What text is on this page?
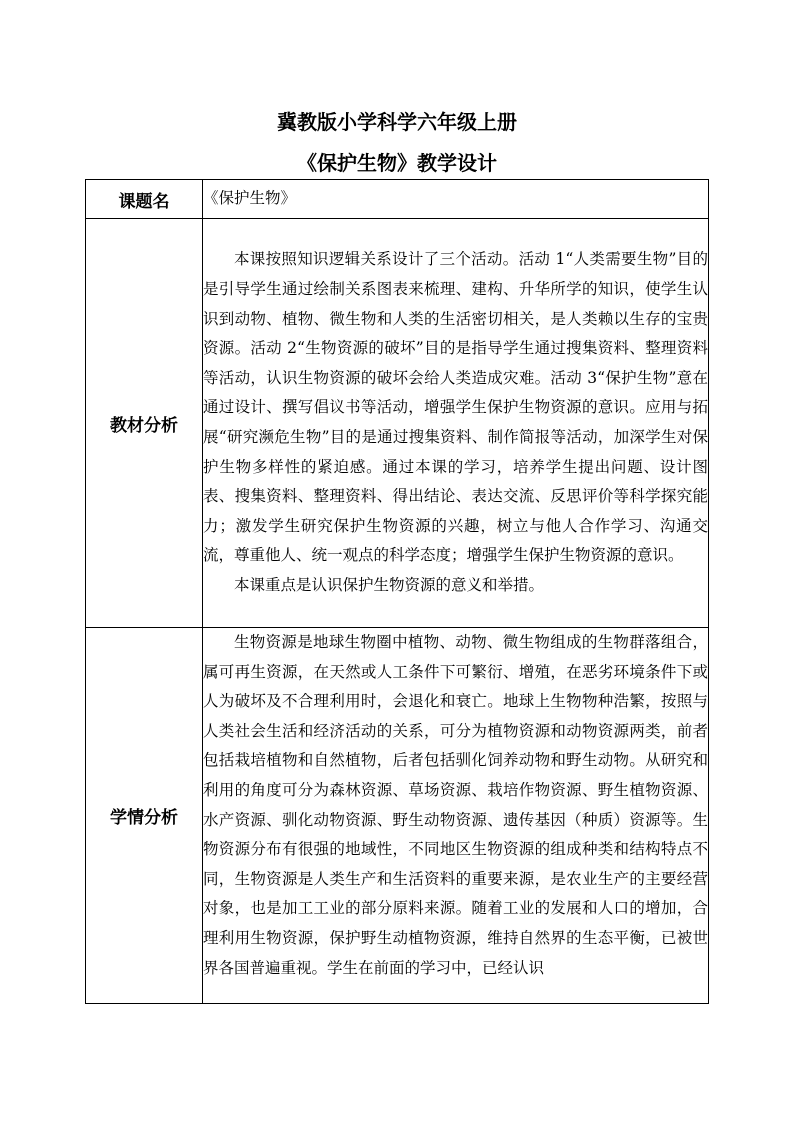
冀教版小学科学六年级上册
《保护生物》教学设计
课题名	《保护生物》

教材分析	本课按照知识逻辑关系设计了三个活动。活动 1“人类需要生物”目的是引导学生通过绘制关系图表来梳理、建构、升华所学的知识，使学生认识到动物、植物、微生物和人类的生活密切相关，是人类赖以生存的宝贵资源。活动 2“生物资源的破坏”目的是指导学生通过搜集资料、整理资料等活动，认识生物资源的破坏会给人类造成灾难。活动 3“保护生物”意在通过设计、撰写倡议书等活动，增强学生保护生物资源的意识。应用与拓展“研究濒危生物”目的是通过搜集资料、制作简报等活动，加深学生对保护生物多样性的紧迫感。通过本课的学习，培养学生提出问题、设计图表、搜集资料、整理资料、得出结论、表达交流、反思评价等科学探究能力；激发学生研究保护生物资源的兴趣，树立与他人合作学习、沟通交流，尊重他人、统一观点的科学态度；增强学生保护生物资源的意识。

本课重点是认识保护生物资源的意义和举措。

学情分析	生物资源是地球生物圈中植物、动物、微生物组成的生物群落组合，属可再生资源，在天然或人工条件下可繁衍、增殖，在恶劣环境条件下或人为破坏及不合理利用时，会退化和衰亡。地球上生物物种浩繁，按照与人类社会生活和经济活动的关系，可分为植物资源和动物资源两类，前者包括栽培植物和自然植物，后者包括驯化饲养动物和野生动物。从研究和利用的角度可分为森林资源、草场资源、栽培作物资源、野生植物资源、水产资源、驯化动物资源、野生动物资源、遗传基因（种质）资源等。生物资源分布有很强的地域性，不同地区生物资源的组成种类和结构特点不同，生物资源是人类生产和生活资料的重要来源，是农业生产的主要经营对象，也是加工工业的部分原料来源。随着工业的发展和人口的增加，合理利用生物资源，保护野生动植物资源，维持自然界的生态平衡，已被世界各国普遍重视。学生在前面的学习中，已经认识
